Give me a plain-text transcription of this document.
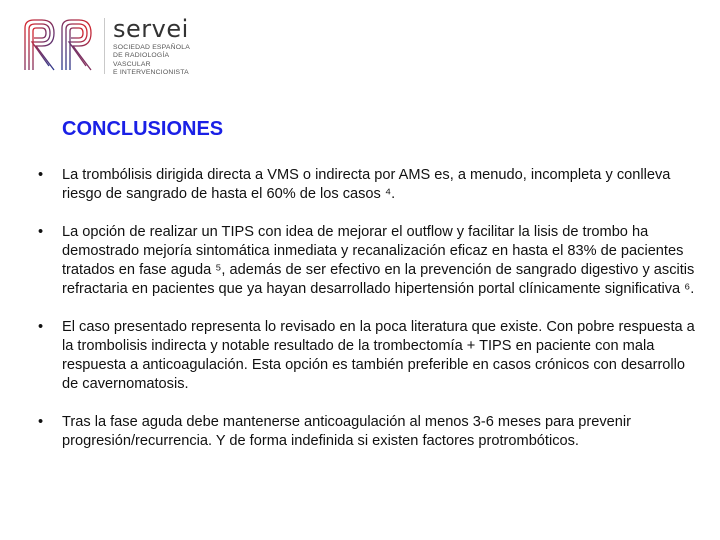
servei
SOCIEDAD ESPAÑOLA
DE RADIOLOGÍA
VASCULAR
E INTERVENCIONISTA
CONCLUSIONES
•	La trombólisis dirigida directa a VMS o indirecta por AMS es, a menudo, incompleta y conlleva riesgo de sangrado de hasta el 60% de los casos ⁴.
•	La opción de realizar un TIPS con idea de mejorar el outflow y facilitar la lisis de trombo ha demostrado mejoría sintomática inmediata y recanalización eficaz en hasta el 83% de pacientes tratados en fase aguda ⁵, además de ser efectivo en la prevención de sangrado digestivo y ascitis refractaria en pacientes que ya hayan desarrollado hipertensión portal clínicamente significativa ⁶.
•	El caso presentado representa lo revisado en la poca literatura que existe. Con pobre respuesta a la trombolisis indirecta y notable resultado de la trombectomía + TIPS en paciente con mala respuesta a anticoagulación. Esta opción es también preferible en casos crónicos con desarrollo de cavernomatosis.
•	Tras la fase aguda debe mantenerse anticoagulación al menos 3-6 meses para prevenir progresión/recurrencia. Y de forma indefinida si existen factores protrombóticos.
